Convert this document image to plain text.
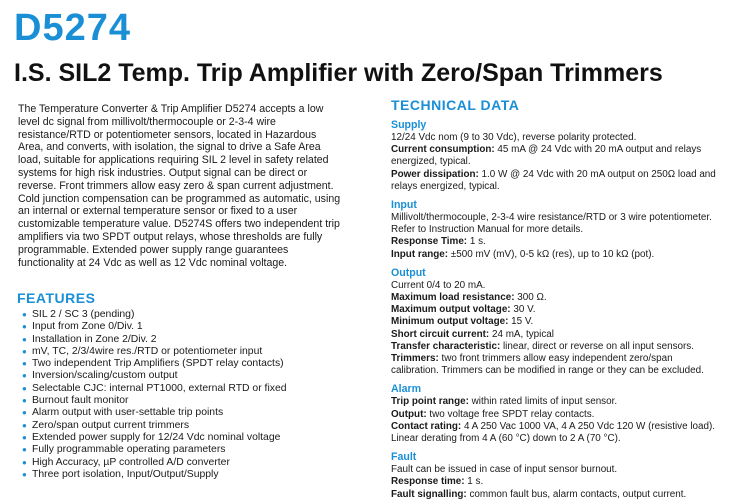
D5274
I.S. SIL2 Temp. Trip Amplifier with Zero/Span Trimmers

The Temperature Converter & Trip Amplifier D5274 accepts a low

level dc signal from millivolt/thermocouple or 2-3-4 wire

resistance/RTD or potentiometer sensors, located in Hazardous

Area, and converts, with isolation, the signal to drive a Safe Area

load, suitable for applications requiring SIL 2 level in safety related

systems for high risk industries. Output signal can be direct or

reverse. Front trimmers allow easy zero & span current adjustment.

Cold junction compensation can be programmed as automatic, using

an internal or external temperature sensor or fixed to a user

customizable temperature value. D5274S offers two independent trip

amplifiers via two SPDT output relays, whose thresholds are fully

programmable. Extended power supply range guarantees

functionality at 24 Vdc as well as 12 Vdc nominal voltage.

FEATURES
● SIL 2 / SC 3 (pending)
● Input from Zone 0/Div. 1
● Installation in Zone 2/Div. 2
● mV, TC, 2/3/4wire res./RTD or potentiometer input
● Two independent Trip Amplifiers (SPDT relay contacts)
● Inversion/scaling/custom output
● Selectable CJC: internal PT1000, external RTD or fixed
● Burnout fault monitor
● Alarm output with user-settable trip points
● Zero/span output current trimmers
● Extended power supply for 12/24 Vdc nominal voltage
● Fully programmable operating parameters
● High Accuracy, µP controlled A/D converter
● Three port isolation, Input/Output/Supply
TECHNICAL DATA
Supply
12/24 Vdc nom (9 to 30 Vdc), reverse polarity protected.
Current consumption: 45 mA @ 24 Vdc with 20 mA output and relays
energized, typical.
Power dissipation: 1.0 W @ 24 Vdc with 20 mA output on 250Ω load and
relays energized, typical.
Input
Millivolt/thermocouple, 2-3-4 wire resistance/RTD or 3 wire potentiometer.
Refer to Instruction Manual for more details.
Response Time: 1 s.
Input range: ±500 mV (mV), 0-5 kΩ (res), up to 10 kΩ (pot).
Output
Current 0/4 to 20 mA.
Maximum load resistance: 300 Ω.
Maximum output voltage: 30 V.
Minimum output voltage: 15 V.
Short circuit current: 24 mA, typical
Transfer characteristic: linear, direct or reverse on all input sensors.
Trimmers: two front trimmers allow easy independent zero/span
calibration. Trimmers can be modified in range or they can be excluded.
Alarm
Trip point range: within rated limits of input sensor.
Output: two voltage free SPDT relay contacts.
Contact rating: 4 A 250 Vac 1000 VA, 4 A 250 Vdc 120 W (resistive load).
Linear derating from 4 A (60 °C) down to 2 A (70 °C).
Fault
Fault can be issued in case of input sensor burnout.
Response time: 1 s.
Fault signalling: common fault bus, alarm contacts, output current.
